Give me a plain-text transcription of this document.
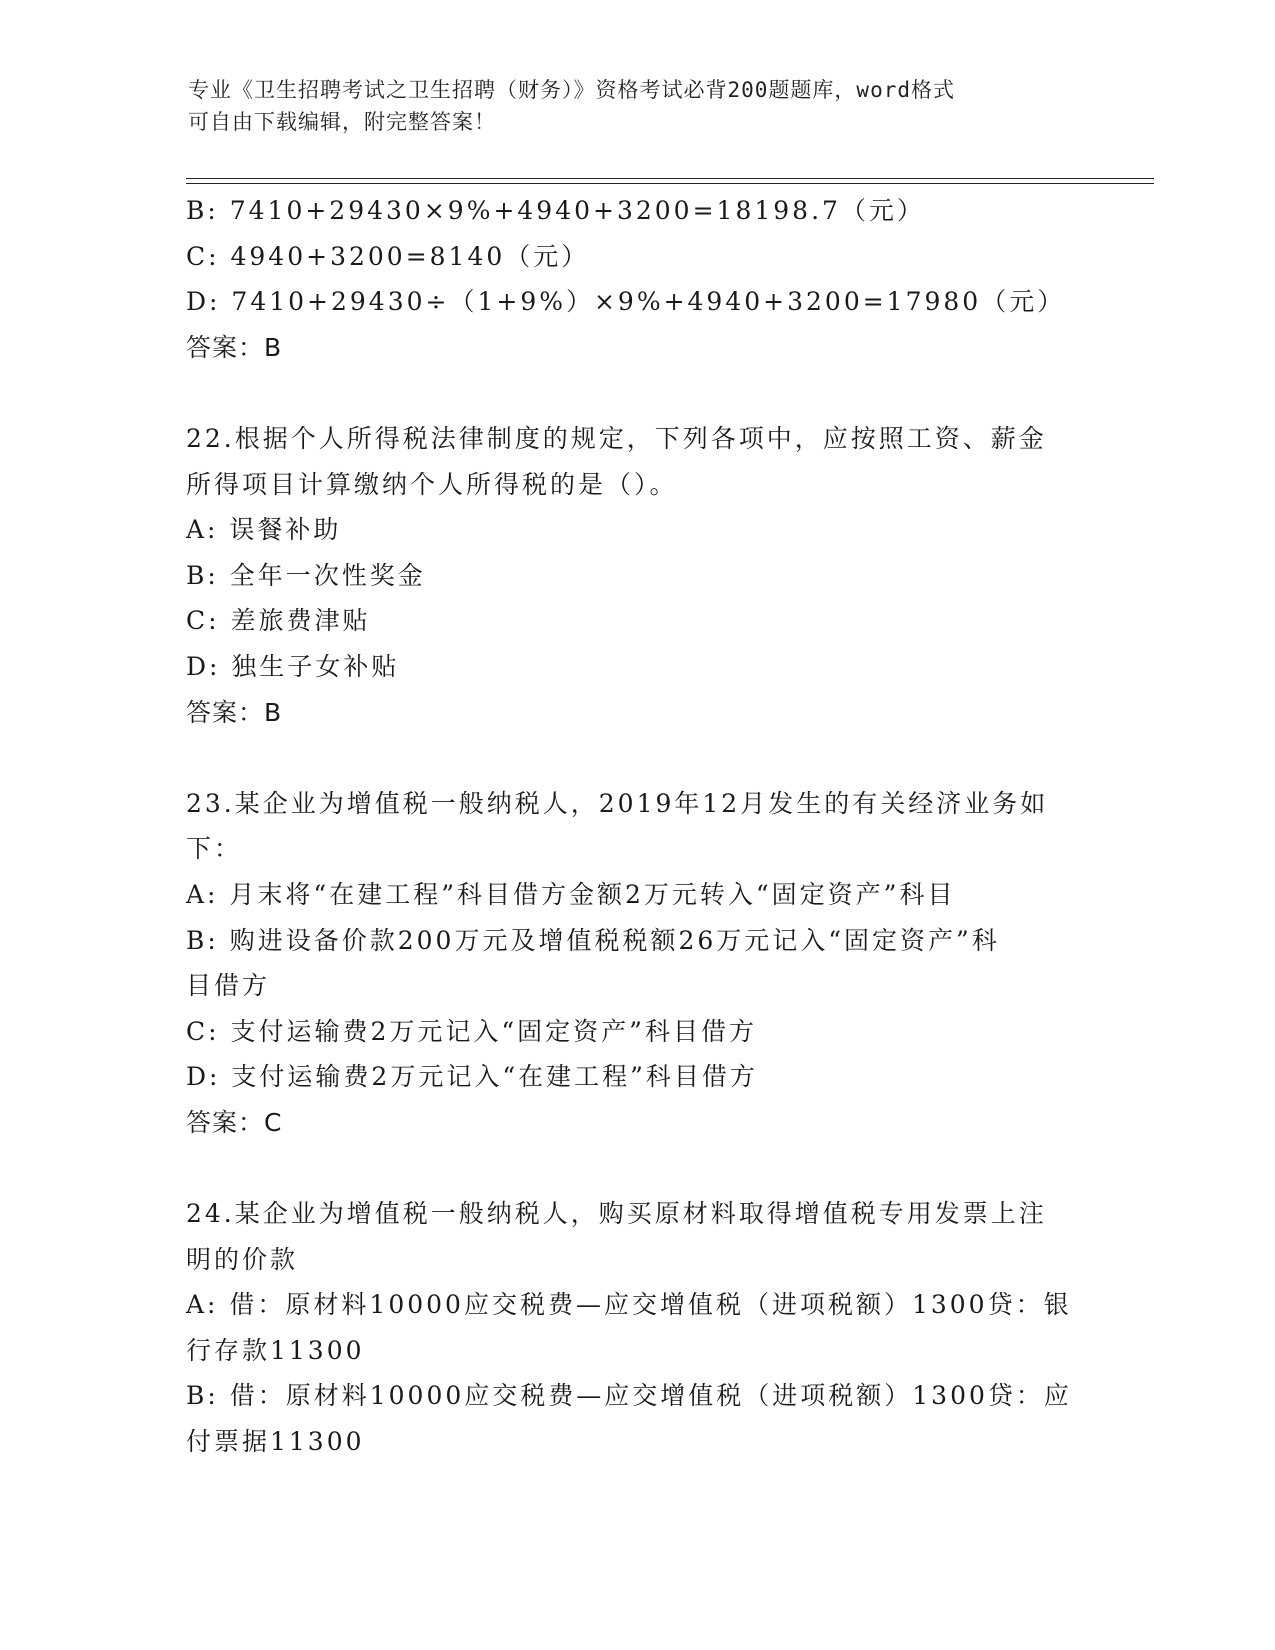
专业《卫生招聘考试之卫生招聘（财务）》资格考试必背200题题库，word格式
可自由下载编辑，附完整答案！
B: 7410+29430×9%+4940+3200=18198.7（元）
C: 4940+3200=8140（元）
D: 7410+29430÷（1+9%）×9%+4940+3200=17980（元）
答案：B
22.根据个人所得税法律制度的规定，下列各项中，应按照工资、薪金
所得项目计算缴纳个人所得税的是（）。
A: 误餐补助
B: 全年一次性奖金
C: 差旅费津贴
D: 独生子女补贴
答案：B
23.某企业为增值税一般纳税人，2019年12月发生的有关经济业务如
下：
A: 月末将“在建工程”科目借方金额2万元转入“固定资产”科目
B: 购进设备价款200万元及增值税税额26万元记入“固定资产”科
目借方
C: 支付运输费2万元记入“固定资产”科目借方
D: 支付运输费2万元记入“在建工程”科目借方
答案：C
24.某企业为增值税一般纳税人，购买原材料取得增值税专用发票上注
明的价款
A: 借：原材料10000应交税费—应交增值税（进项税额）1300贷：银
行存款11300
B: 借：原材料10000应交税费—应交增值税（进项税额）1300贷：应
付票据11300
